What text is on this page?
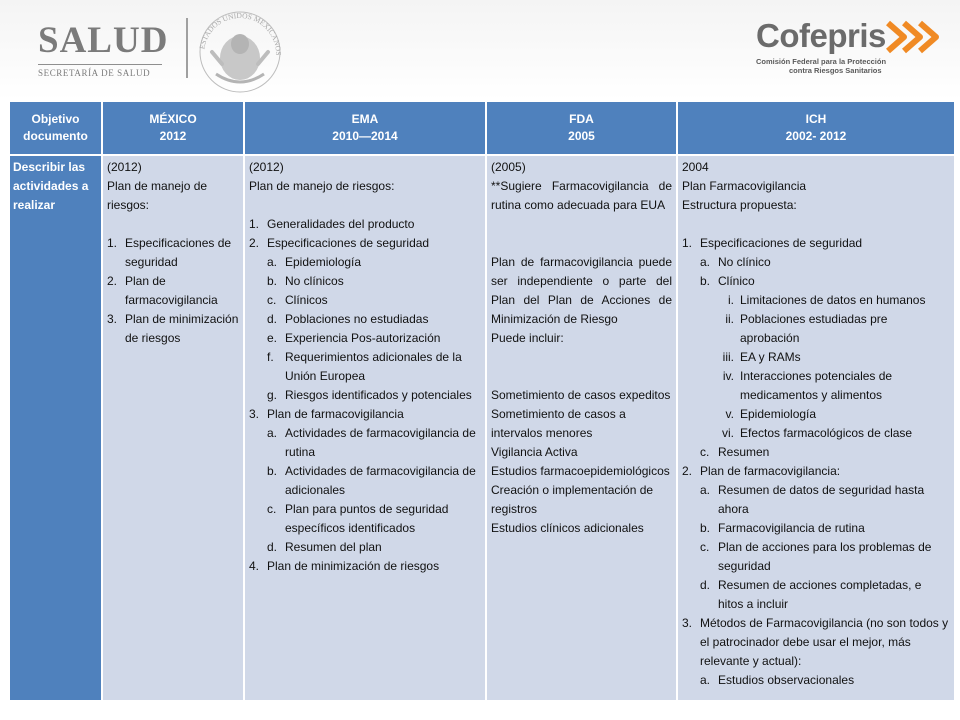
SALUD
SECRETARÍA DE SALUD
ESTADOS UNIDOS MEXICANOS	Cofepris
Comisión Federal para la Protección
contra Riesgos Sanitarios
Objetivo
documento
MÉXICO
2012
EMA
2010—2014
FDA
2005
ICH
2002- 2012
Describir las actividades a realizar
(2012)
Plan de manejo de riesgos:
1. Especificaciones de seguridad
2. Plan de farmacovigilancia
3. Plan de minimización de riesgos
(2012)
Plan de manejo de riesgos:
1. Generalidades del producto
2. Especificaciones de seguridad
a. Epidemiología
b. No clínicos
c. Clínicos
d. Poblaciones no estudiadas
e. Experiencia Pos-autorización
f. Requerimientos adicionales de la Unión Europea
g. Riesgos identificados y potenciales
3. Plan de farmacovigilancia
a. Actividades de farmacovigilancia de rutina
b. Actividades de farmacovigilancia de adicionales
c. Plan para puntos de seguridad específicos identificados
d. Resumen del plan
4. Plan de minimización de riesgos
(2005)
**Sugiere Farmacovigilancia de rutina como adecuada para EUA
Plan de farmacovigilancia puede ser independiente o parte del Plan del Plan de Acciones de Minimización de Riesgo
Puede incluir:
Sometimiento de casos expeditos
Sometimiento de casos a intervalos menores
Vigilancia Activa
Estudios farmacoepidemiológicos
Creación o implementación de registros
Estudios clínicos adicionales
2004
Plan Farmacovigilancia
Estructura propuesta:
1. Especificaciones de seguridad
a. No clínico
b. Clínico
i. Limitaciones de datos en humanos
ii. Poblaciones estudiadas pre aprobación
iii. EA y RAMs
iv. Interacciones potenciales de medicamentos y alimentos
v. Epidemiología
vi. Efectos farmacológicos de clase
c. Resumen
2. Plan de farmacovigilancia:
a. Resumen de datos de seguridad hasta ahora
b. Farmacovigilancia de rutina
c. Plan de acciones para los problemas de seguridad
d. Resumen de acciones completadas, e hitos a incluir
3. Métodos de Farmacovigilancia (no son todos y el patrocinador debe usar el mejor, más relevante y actual):
a. Estudios observacionales
